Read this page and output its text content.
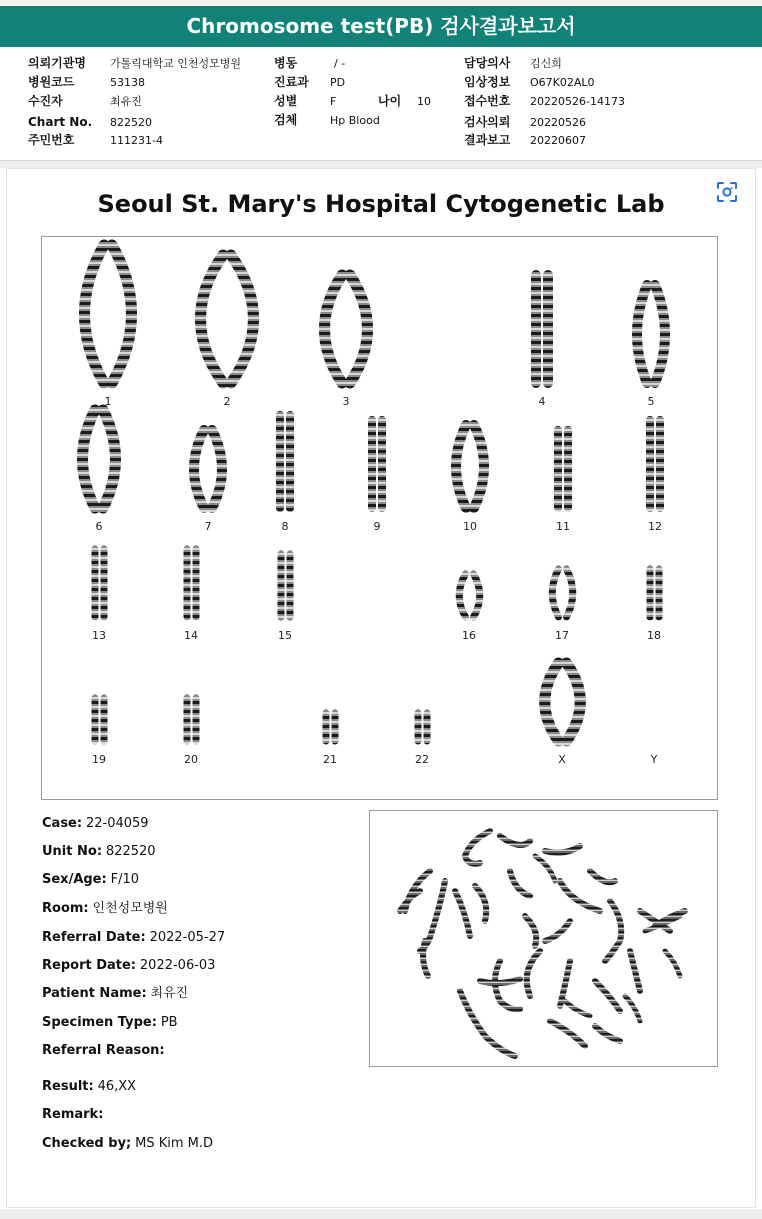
Chromosome test(PB) 검사결과보고서
의뢰기관명 가톨릭대학교 인천성모병원
병원코드	53138
수진자	최유진
Chart No. 822520
주민번호	111231-4
병동	/ -
진료과 PD
성별	F	나이 10
검체	Hp Blood
담당의사 김신희
임상정보 O67K02AL0
접수번호 20220526-14173
검사의뢰 20220526
결과보고 20220607
Seoul St. Mary's Hospital Cytogenetic Lab
1	2	3	4	5
6	7	8	9	10	11	12
13	14	15	16	17	18
19	20	21	22	X	Y
Case: 22-04059
Unit No: 822520
Sex/Age: F/10
Room: 인천성모병원
Referral Date: 2022-05-27
Report Date: 2022-06-03
Patient Name: 최유진
Specimen Type: PB
Referral Reason:
Result: 46,XX
Remark:
Checked by; MS Kim M.D
